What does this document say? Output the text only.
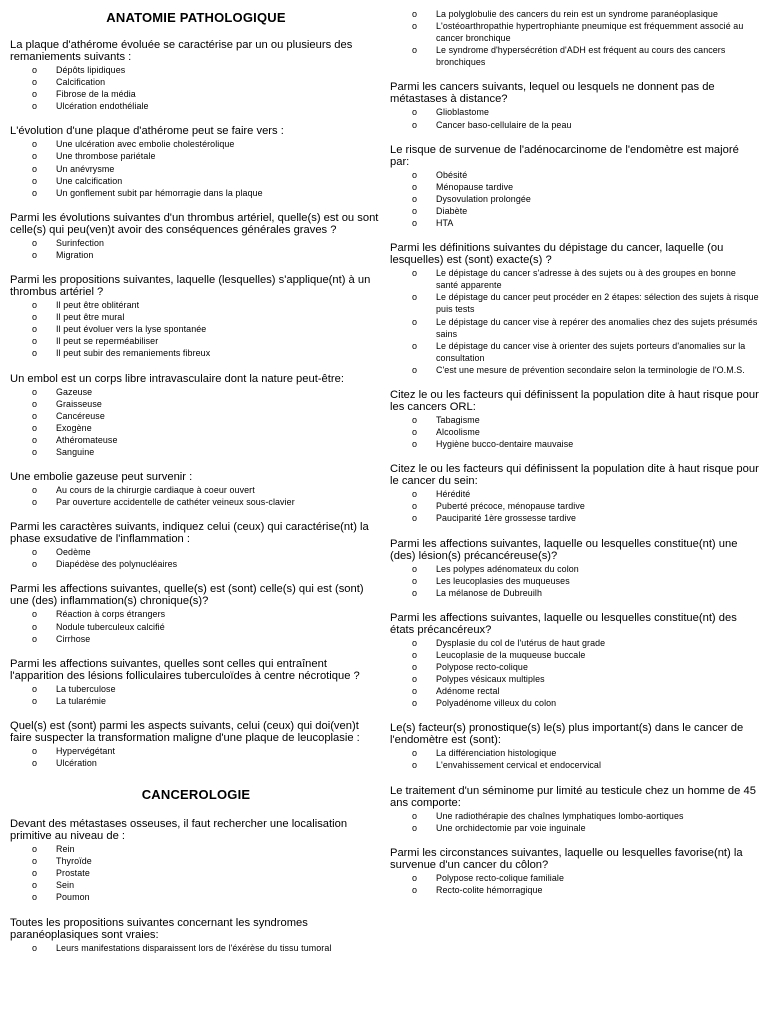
ANATOMIE PATHOLOGIQUE
La plaque d'athérome évoluée se caractérise par un ou plusieurs des remaniements suivants :
o Dépôts lipidiques
o Calcification
o Fibrose de la média
o Ulcération endothéliale
L'évolution d'une plaque d'athérome peut se faire vers :
o Une ulcération avec embolie cholestérolique
o Une thrombose pariétale
o Un anévrysme
o Une calcification
o Un gonflement subit par hémorragie dans la plaque
Parmi les évolutions suivantes d'un thrombus artériel, quelle(s) est ou sont celle(s) qui peu(ven)t avoir des conséquences générales graves ?
o Surinfection
o Migration
Parmi les propositions suivantes, laquelle (lesquelles) s'applique(nt) à un thrombus artériel ?
o Il peut être oblitérant
o Il peut être mural
o Il peut évoluer vers la lyse spontanée
o Il peut se reperméabiliser
o Il peut subir des remaniements fibreux
Un embol est un corps libre intravasculaire dont la nature peut-être:
o Gazeuse
o Graisseuse
o Cancéreuse
o Exogène
o Athéromateuse
o Sanguine
Une embolie gazeuse peut survenir :
o Au cours de la chirurgie cardiaque à coeur ouvert
o Par ouverture accidentelle de cathéter veineux sous-clavier
Parmi les caractères suivants, indiquez celui (ceux) qui caractérise(nt) la phase exsudative de l'inflammation :
o Oedème
o Diapédèse des polynucléaires
Parmi les affections suivantes, quelle(s) est (sont) celle(s) qui est (sont) une (des) inflammation(s) chronique(s)?
o Réaction à corps étrangers
o Nodule tuberculeux calcifié
o Cirrhose
Parmi les affections suivantes, quelles sont celles qui entraînent l'apparition des lésions folliculaires tuberculoïdes à centre nécrotique ?
o La tuberculose
o La tularémie
Quel(s) est (sont) parmi les aspects suivants, celui (ceux) qui doi(ven)t faire suspecter la transformation maligne d'une plaque de leucoplasie :
o Hypervégétant
o Ulcération
CANCEROLOGIE
Devant des métastases osseuses, il faut rechercher une localisation primitive au niveau de :
o Rein
o Thyroïde
o Prostate
o Sein
o Poumon
Toutes les propositions suivantes concernant les syndromes paranéoplasiques sont vraies:
o Leurs manifestations disparaissent lors de l'éxérèse du tissu tumoral
o La polyglobulie des cancers du rein est un syndrome paranéoplasique
o L'ostéoarthropathie hypertrophiante pneumique est fréquemment associé au cancer bronchique
o Le syndrome d'hypersécrétion d'ADH est fréquent au cours des cancers bronchiques
Parmi les cancers suivants, lequel ou lesquels ne donnent pas de métastases à distance?
o Glioblastome
o Cancer baso-cellulaire de la peau
Le risque de survenue de l'adénocarcinome de l'endomètre est majoré par:
o Obésité
o Ménopause tardive
o Dysovulation prolongée
o Diabète
o HTA
Parmi les définitions suivantes du dépistage du cancer, laquelle (ou lesquelles) est (sont) exacte(s) ?
o Le dépistage du cancer s'adresse à des sujets ou à des groupes en bonne santé apparente
o Le dépistage du cancer peut procéder en 2 étapes: sélection des sujets à risque puis tests
o Le dépistage du cancer vise à repérer des anomalies chez des sujets présumés sains
o Le dépistage du cancer vise à orienter des sujets porteurs d'anomalies sur la consultation
o C'est une mesure de prévention secondaire selon la terminologie de l'O.M.S.
Citez le ou les facteurs qui définissent la population dite à haut risque pour les cancers ORL:
o Tabagisme
o Alcoolisme
o Hygiène bucco-dentaire mauvaise
Citez le ou les facteurs qui définissent la population dite à haut risque pour le cancer du sein:
o Hérédité
o Puberté précoce, ménopause tardive
o Pauciparité 1ère grossesse tardive
Parmi les affections suivantes, laquelle ou lesquelles constitue(nt) une (des) lésion(s) précancéreuse(s)?
o Les polypes adénomateux du colon
o Les leucoplasies des muqueuses
o La mélanose de Dubreuilh
Parmi les affections suivantes, laquelle ou lesquelles constitue(nt) des états précancéreux?
o Dysplasie du col de l'utérus de haut grade
o Leucoplasie de la muqueuse buccale
o Polypose recto-colique
o Polypes vésicaux multiples
o Adénome rectal
o Polyadénome villeux du colon
Le(s) facteur(s) pronostique(s) le(s) plus important(s) dans le cancer de l'endomètre est (sont):
o La différenciation histologique
o L'envahissement cervical et endocervical
Le traitement d'un séminome pur limité au testicule chez un homme de 45 ans comporte:
o Une radiothérapie des chaînes lymphatiques lombo-aortiques
o Une orchidectomie par voie inguinale
Parmi les circonstances suivantes, laquelle ou lesquelles favorise(nt) la survenue d'un cancer du côlon?
o Polypose recto-colique familiale
o Recto-colite hémorragique
